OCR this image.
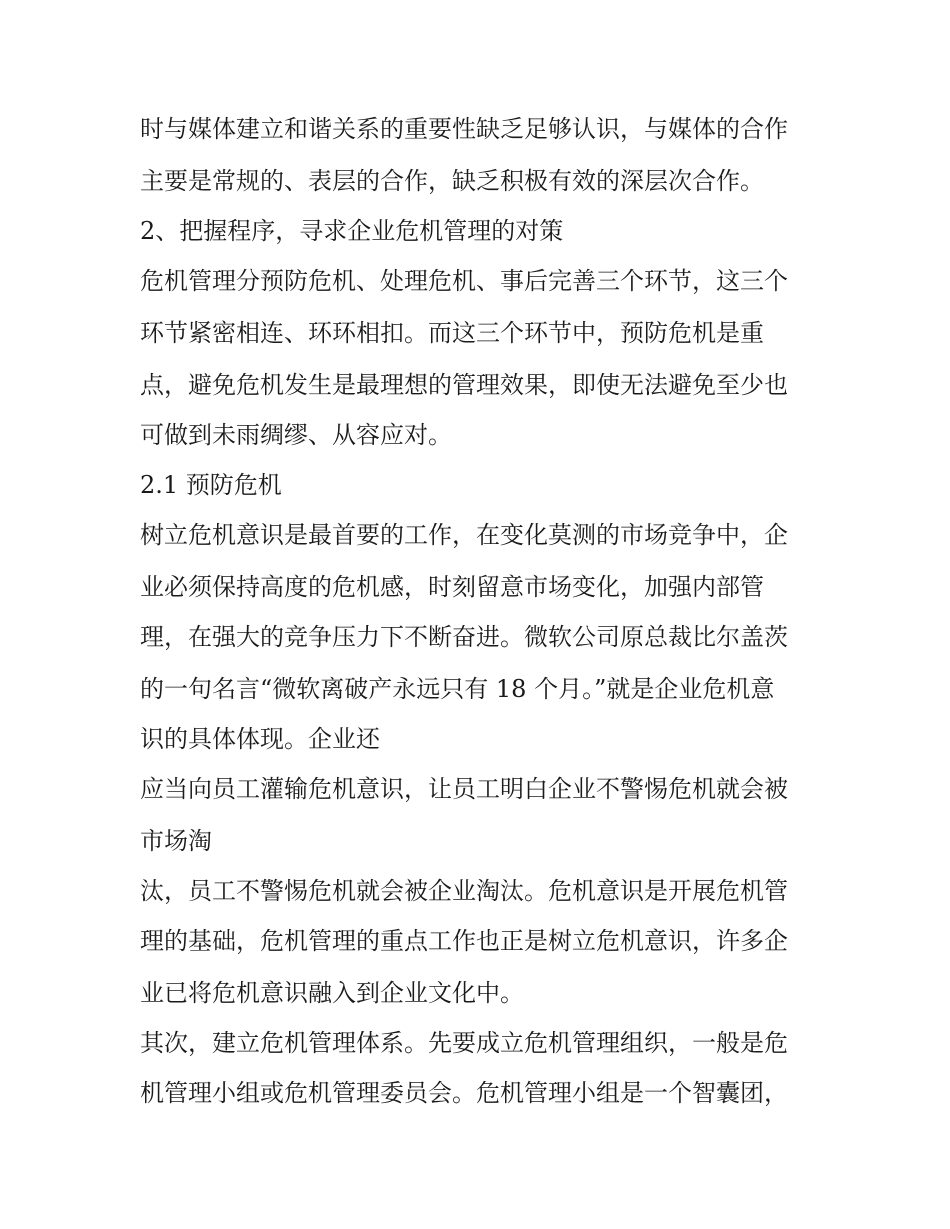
时与媒体建立和谐关系的重要性缺乏足够认识，与媒体的合作
主要是常规的、表层的合作，缺乏积极有效的深层次合作。
2、把握程序，寻求企业危机管理的对策
危机管理分预防危机、处理危机、事后完善三个环节，这三个
环节紧密相连、环环相扣。而这三个环节中，预防危机是重
点，避免危机发生是最理想的管理效果，即使无法避免至少也
可做到未雨绸缪、从容应对。
2.1 预防危机
树立危机意识是最首要的工作，在变化莫测的市场竞争中，企
业必须保持高度的危机感，时刻留意市场变化，加强内部管
理，在强大的竞争压力下不断奋进。微软公司原总裁比尔盖茨
的一句名言“微软离破产永远只有 18 个月。”就是企业危机意
识的具体体现。企业还
应当向员工灌输危机意识，让员工明白企业不警惕危机就会被
市场淘
汰，员工不警惕危机就会被企业淘汰。危机意识是开展危机管
理的基础，危机管理的重点工作也正是树立危机意识，许多企
业已将危机意识融入到企业文化中。
其次，建立危机管理体系。先要成立危机管理组织，一般是危
机管理小组或危机管理委员会。危机管理小组是一个智囊团，
